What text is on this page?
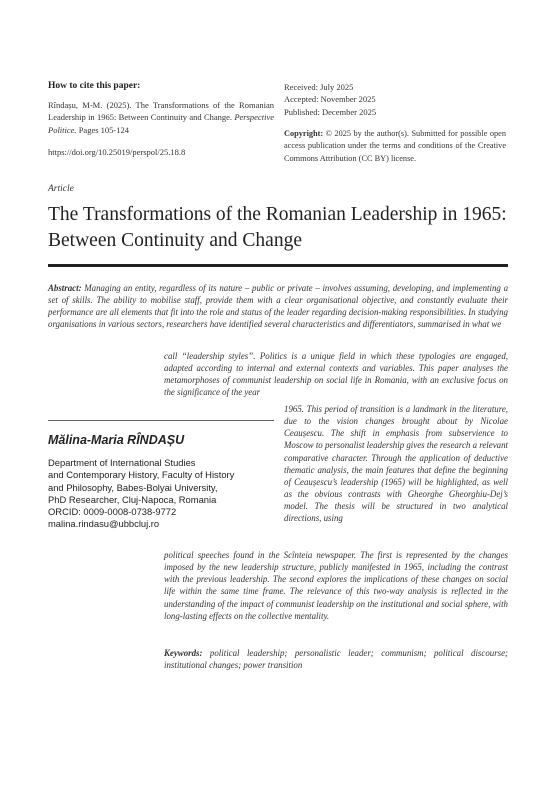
How to cite this paper:
Rîndașu, M-M. (2025). The Transformations of the Romanian Leadership in 1965: Between Continuity and Change. Perspective Politice. Pages 105-124
https://doi.org/10.25019/perspol/25.18.8
Received: July 2025
Accepted: November 2025
Published: December 2025
Copyright: © 2025 by the author(s). Submitted for possible open access publication under the terms and conditions of the Creative Commons Attribution (CC BY) license.
Article
The Transformations of the Romanian Leadership in 1965: Between Continuity and Change
Abstract: Managing an entity, regardless of its nature – public or private – involves assuming, developing, and implementing a set of skills. The ability to mobilise staff, provide them with a clear organisational objective, and constantly evaluate their performance are all elements that fit into the role and status of the leader regarding decision-making responsibilities. In studying organisations in various sectors, researchers have identified several characteristics and differentiators, summarised in what we
call “leadership styles”. Politics is a unique field in which these typologies are engaged, adapted according to internal and external contexts and variables. This paper analyses the metamorphoses of communist leadership on social life in Romania, with an exclusive focus on the significance of the year
1965. This period of transition is a landmark in the literature, due to the vision changes brought about by Nicolae Ceaușescu. The shift in emphasis from subservience to Moscow to personalist leadership gives the research a relevant comparative character. Through the application of deductive thematic analysis, the main features that define the beginning of Ceaușescu’s leadership (1965) will be highlighted, as well as the obvious contrasts with Gheorghe Gheorghiu-Dej’s model. The thesis will be structured in two analytical directions, using
political speeches found in the Scînteia newspaper. The first is represented by the changes imposed by the new leadership structure, publicly manifested in 1965, including the contrast with the previous leadership. The second explores the implications of these changes on social life within the same time frame. The relevance of this two-way analysis is reflected in the understanding of the impact of communist leadership on the institutional and social sphere, with long-lasting effects on the collective mentality.
Keywords: political leadership; personalistic leader; communism; political discourse; institutional changes; power transition
Mălina-Maria RÎNDAȘU
Department of International Studies
and Contemporary History, Faculty of History
and Philosophy, Babes-Bolyai University,
PhD Researcher, Cluj-Napoca, Romania
ORCID: 0009-0008-0738-9772
malina.rindasu@ubbcluj.ro
